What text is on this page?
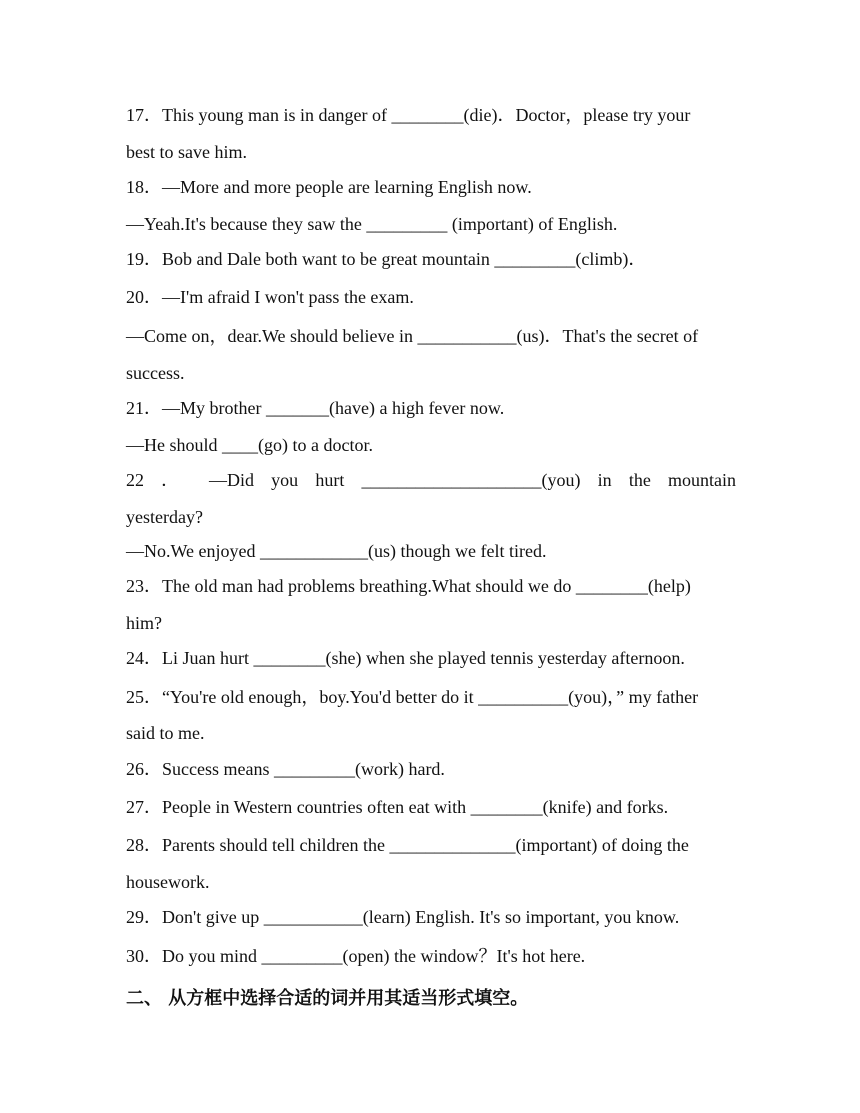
17．This young man is in danger of ________(die)．Doctor，please try your
best to save him.
18．—More and more people are learning English now.
—Yeah.It's because they saw the _________ (important) of English.
19．Bob and Dale both want to be great mountain _________(climb)．
20．—I'm afraid I won't pass the exam.
—Come on，dear.We should believe in ___________(us)．That's the secret of
success.
21．—My brother _______(have) a high fever now.
—He should ____(go) to a doctor.
22 ． —Did you hurt ____________________(you) in the mountain
yesterday?
—No.We enjoyed ____________(us) though we felt tired.
23．The old man had problems breathing.What should we do ________(help)
him?
24．Li Juan hurt ________(she) when she played tennis yesterday afternoon.
25．“You're old enough，boy.You'd better do it __________(you)，” my father
said to me.
26．Success means _________(work) hard.
27．People in Western countries often eat with ________(knife) and forks.
28．Parents should tell children the ______________(important) of doing the
housework.
29．Don't give up ___________(learn) English. It's so important, you know.
30．Do you mind _________(open) the window？It's hot here.
二、 从方框中选择合适的词并用其适当形式填空。
